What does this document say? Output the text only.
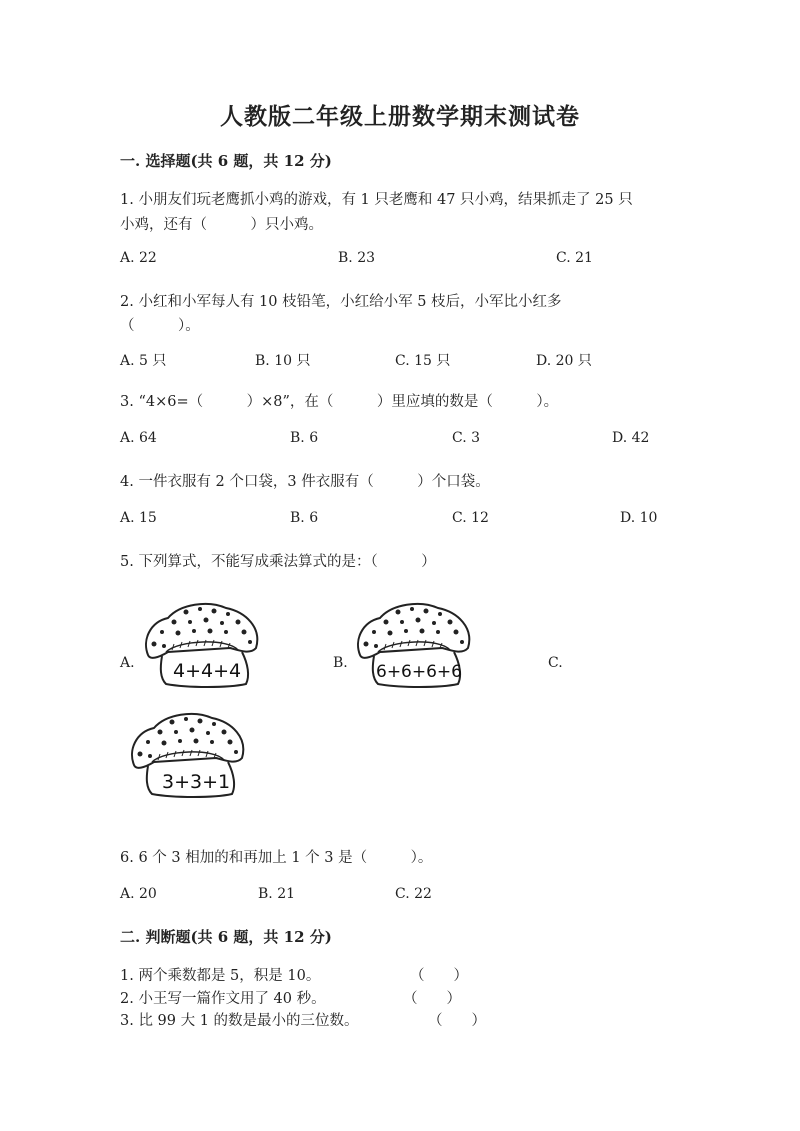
人教版二年级上册数学期末测试卷
一. 选择题(共 6 题，共 12 分)
1. 小朋友们玩老鹰抓小鸡的游戏，有 1 只老鹰和 47 只小鸡，结果抓走了 25 只
小鸡，还有（　　　）只小鸡。
A. 22	B. 23	C. 21
2. 小红和小军每人有 10 枝铅笔，小红给小军 5 枝后，小军比小红多
（　　　）。
A. 5 只	B. 10 只	C. 15 只	D. 20 只
3. “4×6=（　　　）×8”，在（　　　）里应填的数是（　　　）。
A. 64	B. 6	C. 3	D. 42
4. 一件衣服有 2 个口袋，3 件衣服有（　　　）个口袋。
A. 15	B. 6	C. 12	D. 10
5. 下列算式，不能写成乘法算式的是：（　　　）
A. 4+4+4	B. 6+6+6+6	C.
3+3+1
6. 6 个 3 相加的和再加上 1 个 3 是（　　　）。
A. 20	B. 21	C. 22
二. 判断题(共 6 题，共 12 分)
1. 两个乘数都是 5，积是 10。	（　　）
2. 小王写一篇作文用了 40 秒。	（　　）
3. 比 99 大 1 的数是最小的三位数。	（　　）
